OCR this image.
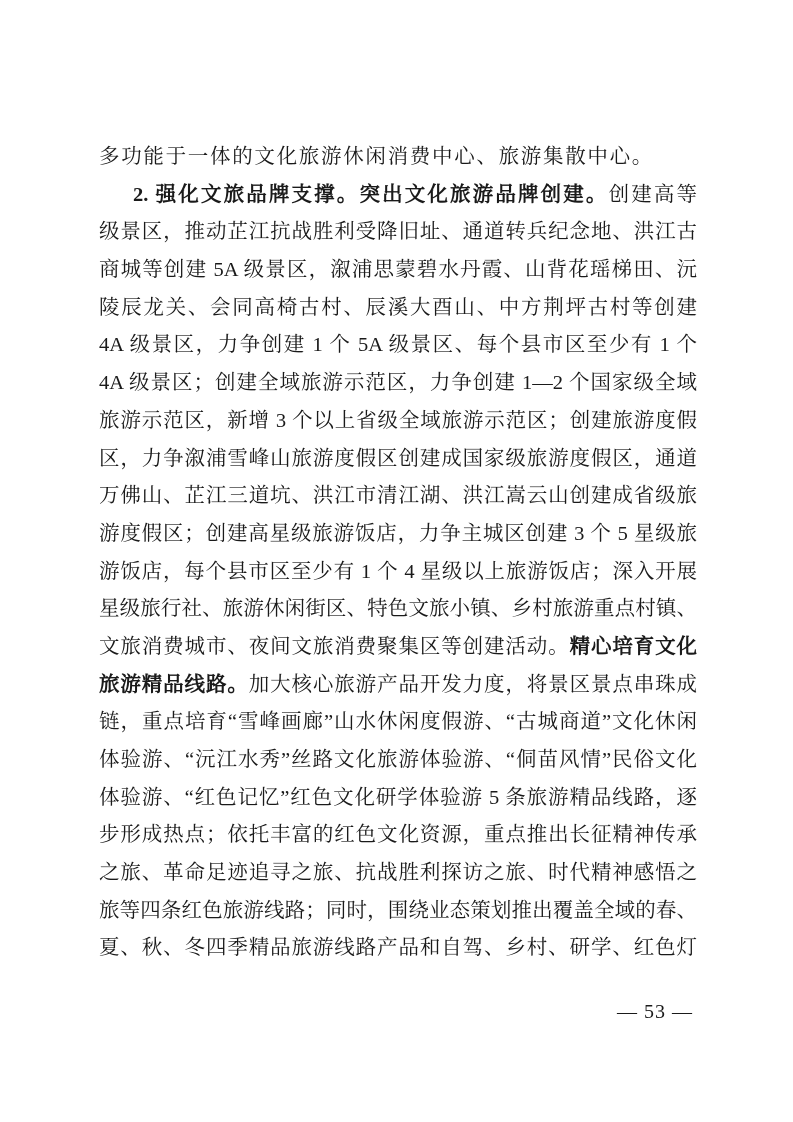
多功能于一体的文化旅游休闲消费中心、旅游集散中心。
2. 强化文旅品牌支撑。突出文化旅游品牌创建。创建高等
级景区，推动芷江抗战胜利受降旧址、通道转兵纪念地、洪江古
商城等创建 5A 级景区，溆浦思蒙碧水丹霞、山背花瑶梯田、沅
陵辰龙关、会同高椅古村、辰溪大酉山、中方荆坪古村等创建
4A 级景区，力争创建 1 个 5A 级景区、每个县市区至少有 1 个
4A 级景区；创建全域旅游示范区，力争创建 1—2 个国家级全域
旅游示范区，新增 3 个以上省级全域旅游示范区；创建旅游度假
区，力争溆浦雪峰山旅游度假区创建成国家级旅游度假区，通道
万佛山、芷江三道坑、洪江市清江湖、洪江嵩云山创建成省级旅
游度假区；创建高星级旅游饭店，力争主城区创建 3 个 5 星级旅
游饭店，每个县市区至少有 1 个 4 星级以上旅游饭店；深入开展
星级旅行社、旅游休闲街区、特色文旅小镇、乡村旅游重点村镇、
文旅消费城市、夜间文旅消费聚集区等创建活动。精心培育文化
旅游精品线路。加大核心旅游产品开发力度，将景区景点串珠成
链，重点培育“雪峰画廊”山水休闲度假游、“古城商道”文化休闲
体验游、“沅江水秀”丝路文化旅游体验游、“侗苗风情”民俗文化
体验游、“红色记忆”红色文化研学体验游 5 条旅游精品线路，逐
步形成热点；依托丰富的红色文化资源，重点推出长征精神传承
之旅、革命足迹追寻之旅、抗战胜利探访之旅、时代精神感悟之
旅等四条红色旅游线路；同时，围绕业态策划推出覆盖全域的春、
夏、秋、冬四季精品旅游线路产品和自驾、乡村、研学、红色灯
— 53 —
